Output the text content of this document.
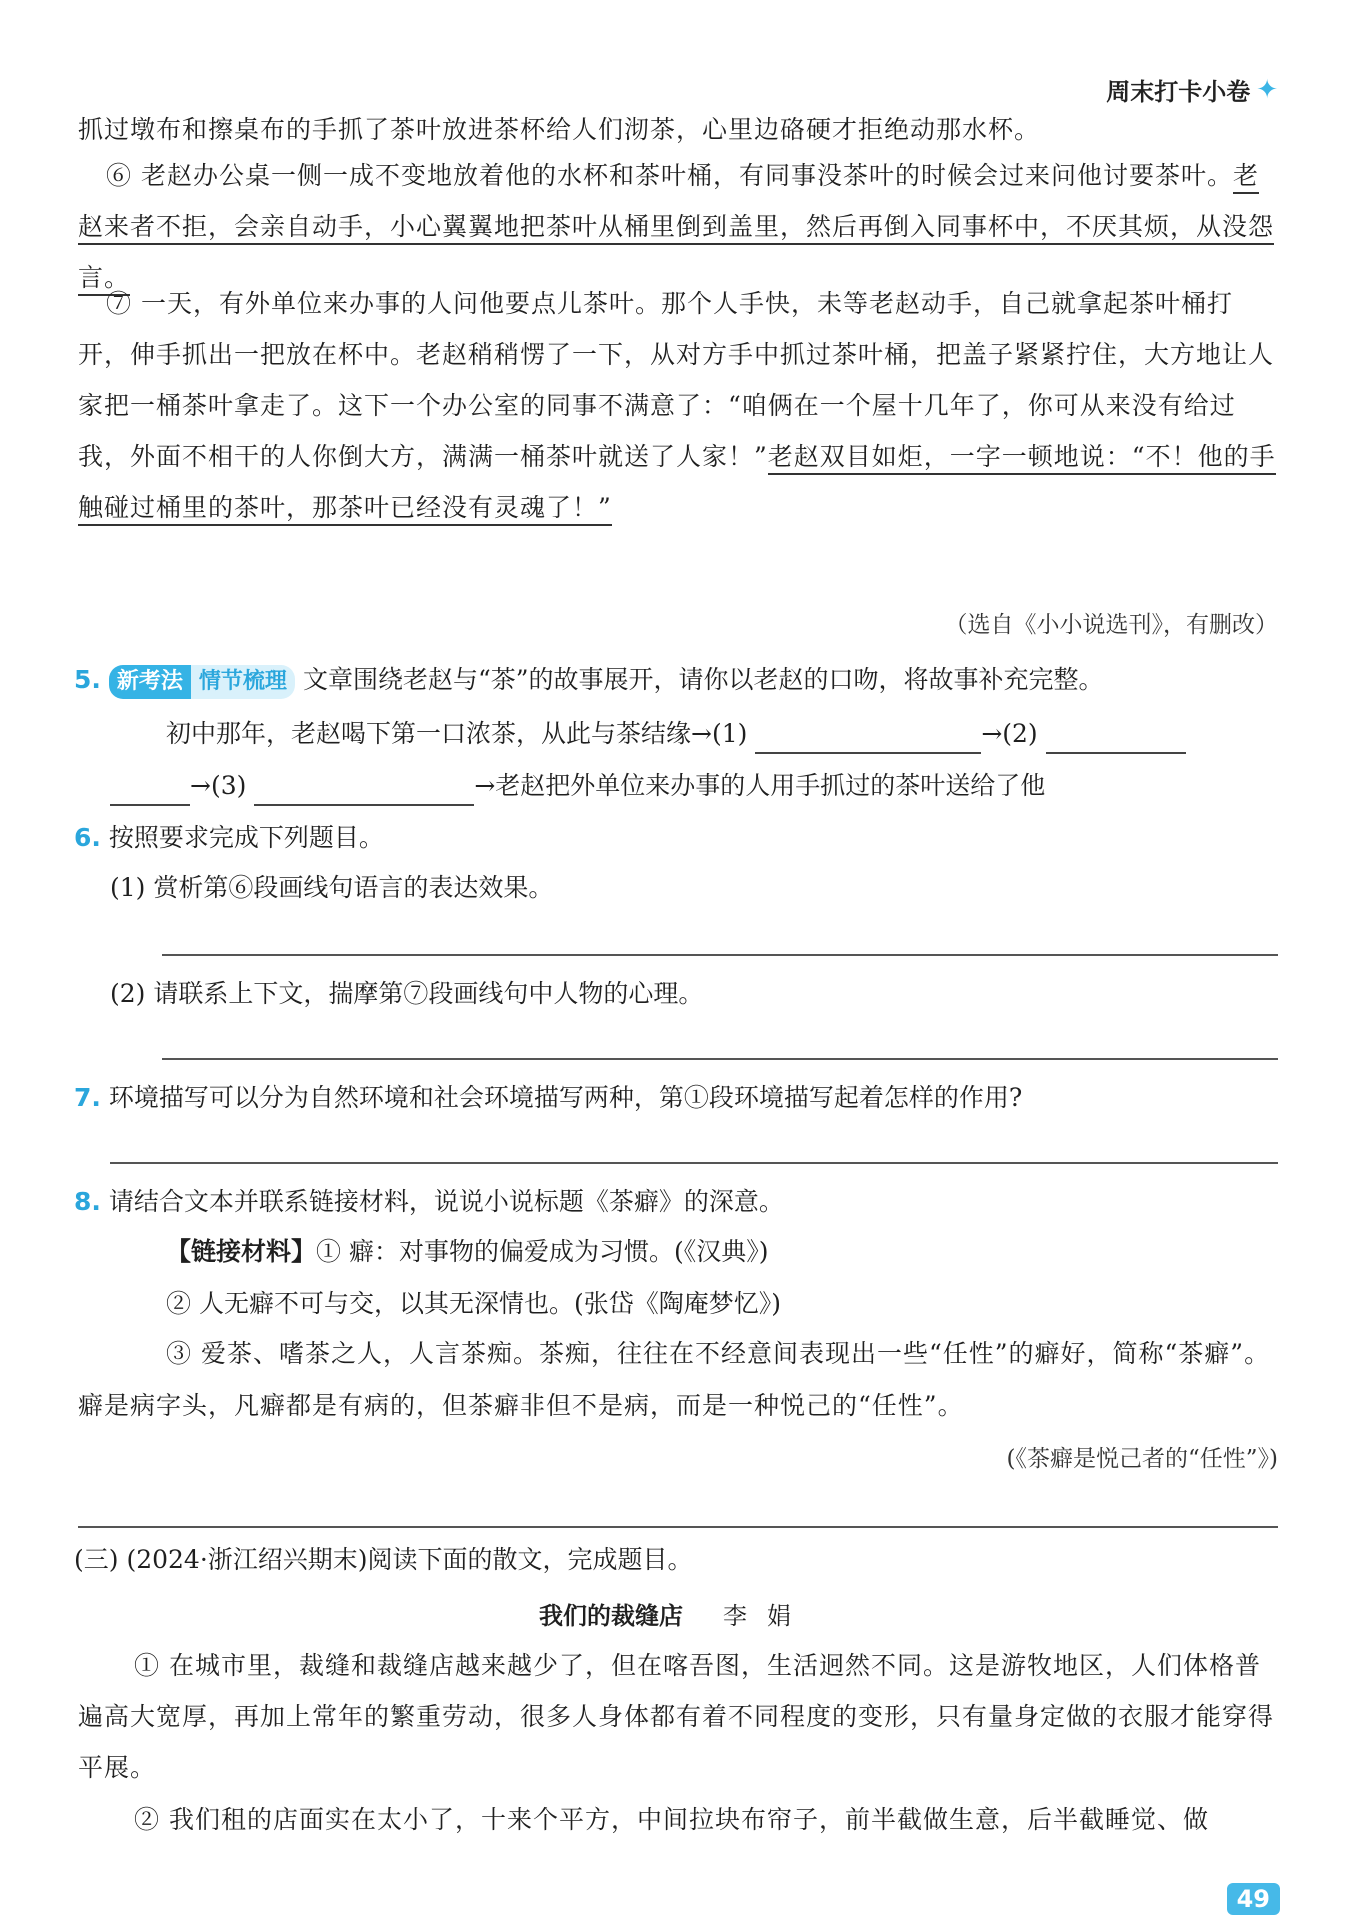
周末打卡小卷 ✦
抓过墩布和擦桌布的手抓了茶叶放进茶杯给人们沏茶，心里边硌硬才拒绝动那水杯。
⑥ 老赵办公桌一侧一成不变地放着他的水杯和茶叶桶，有同事没茶叶的时候会过来问他讨要茶叶。老赵来者不拒，会亲自动手，小心翼翼地把茶叶从桶里倒到盖里，然后再倒入同事杯中，不厌其烦，从没怨言。
⑦ 一天，有外单位来办事的人问他要点儿茶叶。那个人手快，未等老赵动手，自己就拿起茶叶桶打开，伸手抓出一把放在杯中。老赵稍稍愣了一下，从对方手中抓过茶叶桶，把盖子紧紧拧住，大方地让人家把一桶茶叶拿走了。这下一个办公室的同事不满意了：“咱俩在一个屋十几年了，你可从来没有给过我，外面不相干的人你倒大方，满满一桶茶叶就送了人家！”老赵双目如炬，一字一顿地说：“不！他的手触碰过桶里的茶叶，那茶叶已经没有灵魂了！”
（选自《小小说选刊》，有删改）
5. 新考法 情节梳理 文章围绕老赵与“茶”的故事展开，请你以老赵的口吻，将故事补充完整。
初中那年，老赵喝下第一口浓茶，从此与茶结缘→(1)	→(2)
→(3)	→老赵把外单位来办事的人用手抓过的茶叶送给了他
6. 按照要求完成下列题目。
(1) 赏析第⑥段画线句语言的表达效果。
(2) 请联系上下文，揣摩第⑦段画线句中人物的心理。
7. 环境描写可以分为自然环境和社会环境描写两种，第①段环境描写起着怎样的作用?
8. 请结合文本并联系链接材料，说说小说标题《茶癖》的深意。
【链接材料】① 癖：对事物的偏爱成为习惯。(《汉典》)
② 人无癖不可与交，以其无深情也。(张岱《陶庵梦忆》)
③ 爱茶、嗜茶之人，人言茶痴。茶痴，往往在不经意间表现出一些“任性”的癖好，简称“茶癖”。癖是病字头，凡癖都是有病的，但茶癖非但不是病，而是一种悦己的“任性”。
(《茶癖是悦己者的“任性”》)
(三) (2024·浙江绍兴期末)阅读下面的散文，完成题目。
我们的裁缝店 李娟
① 在城市里，裁缝和裁缝店越来越少了，但在喀吾图，生活迥然不同。这是游牧地区，人们体格普遍高大宽厚，再加上常年的繁重劳动，很多人身体都有着不同程度的变形，只有量身定做的衣服才能穿得平展。
② 我们租的店面实在太小了，十来个平方，中间拉块布帘子，前半截做生意，后半截睡觉、做
49
